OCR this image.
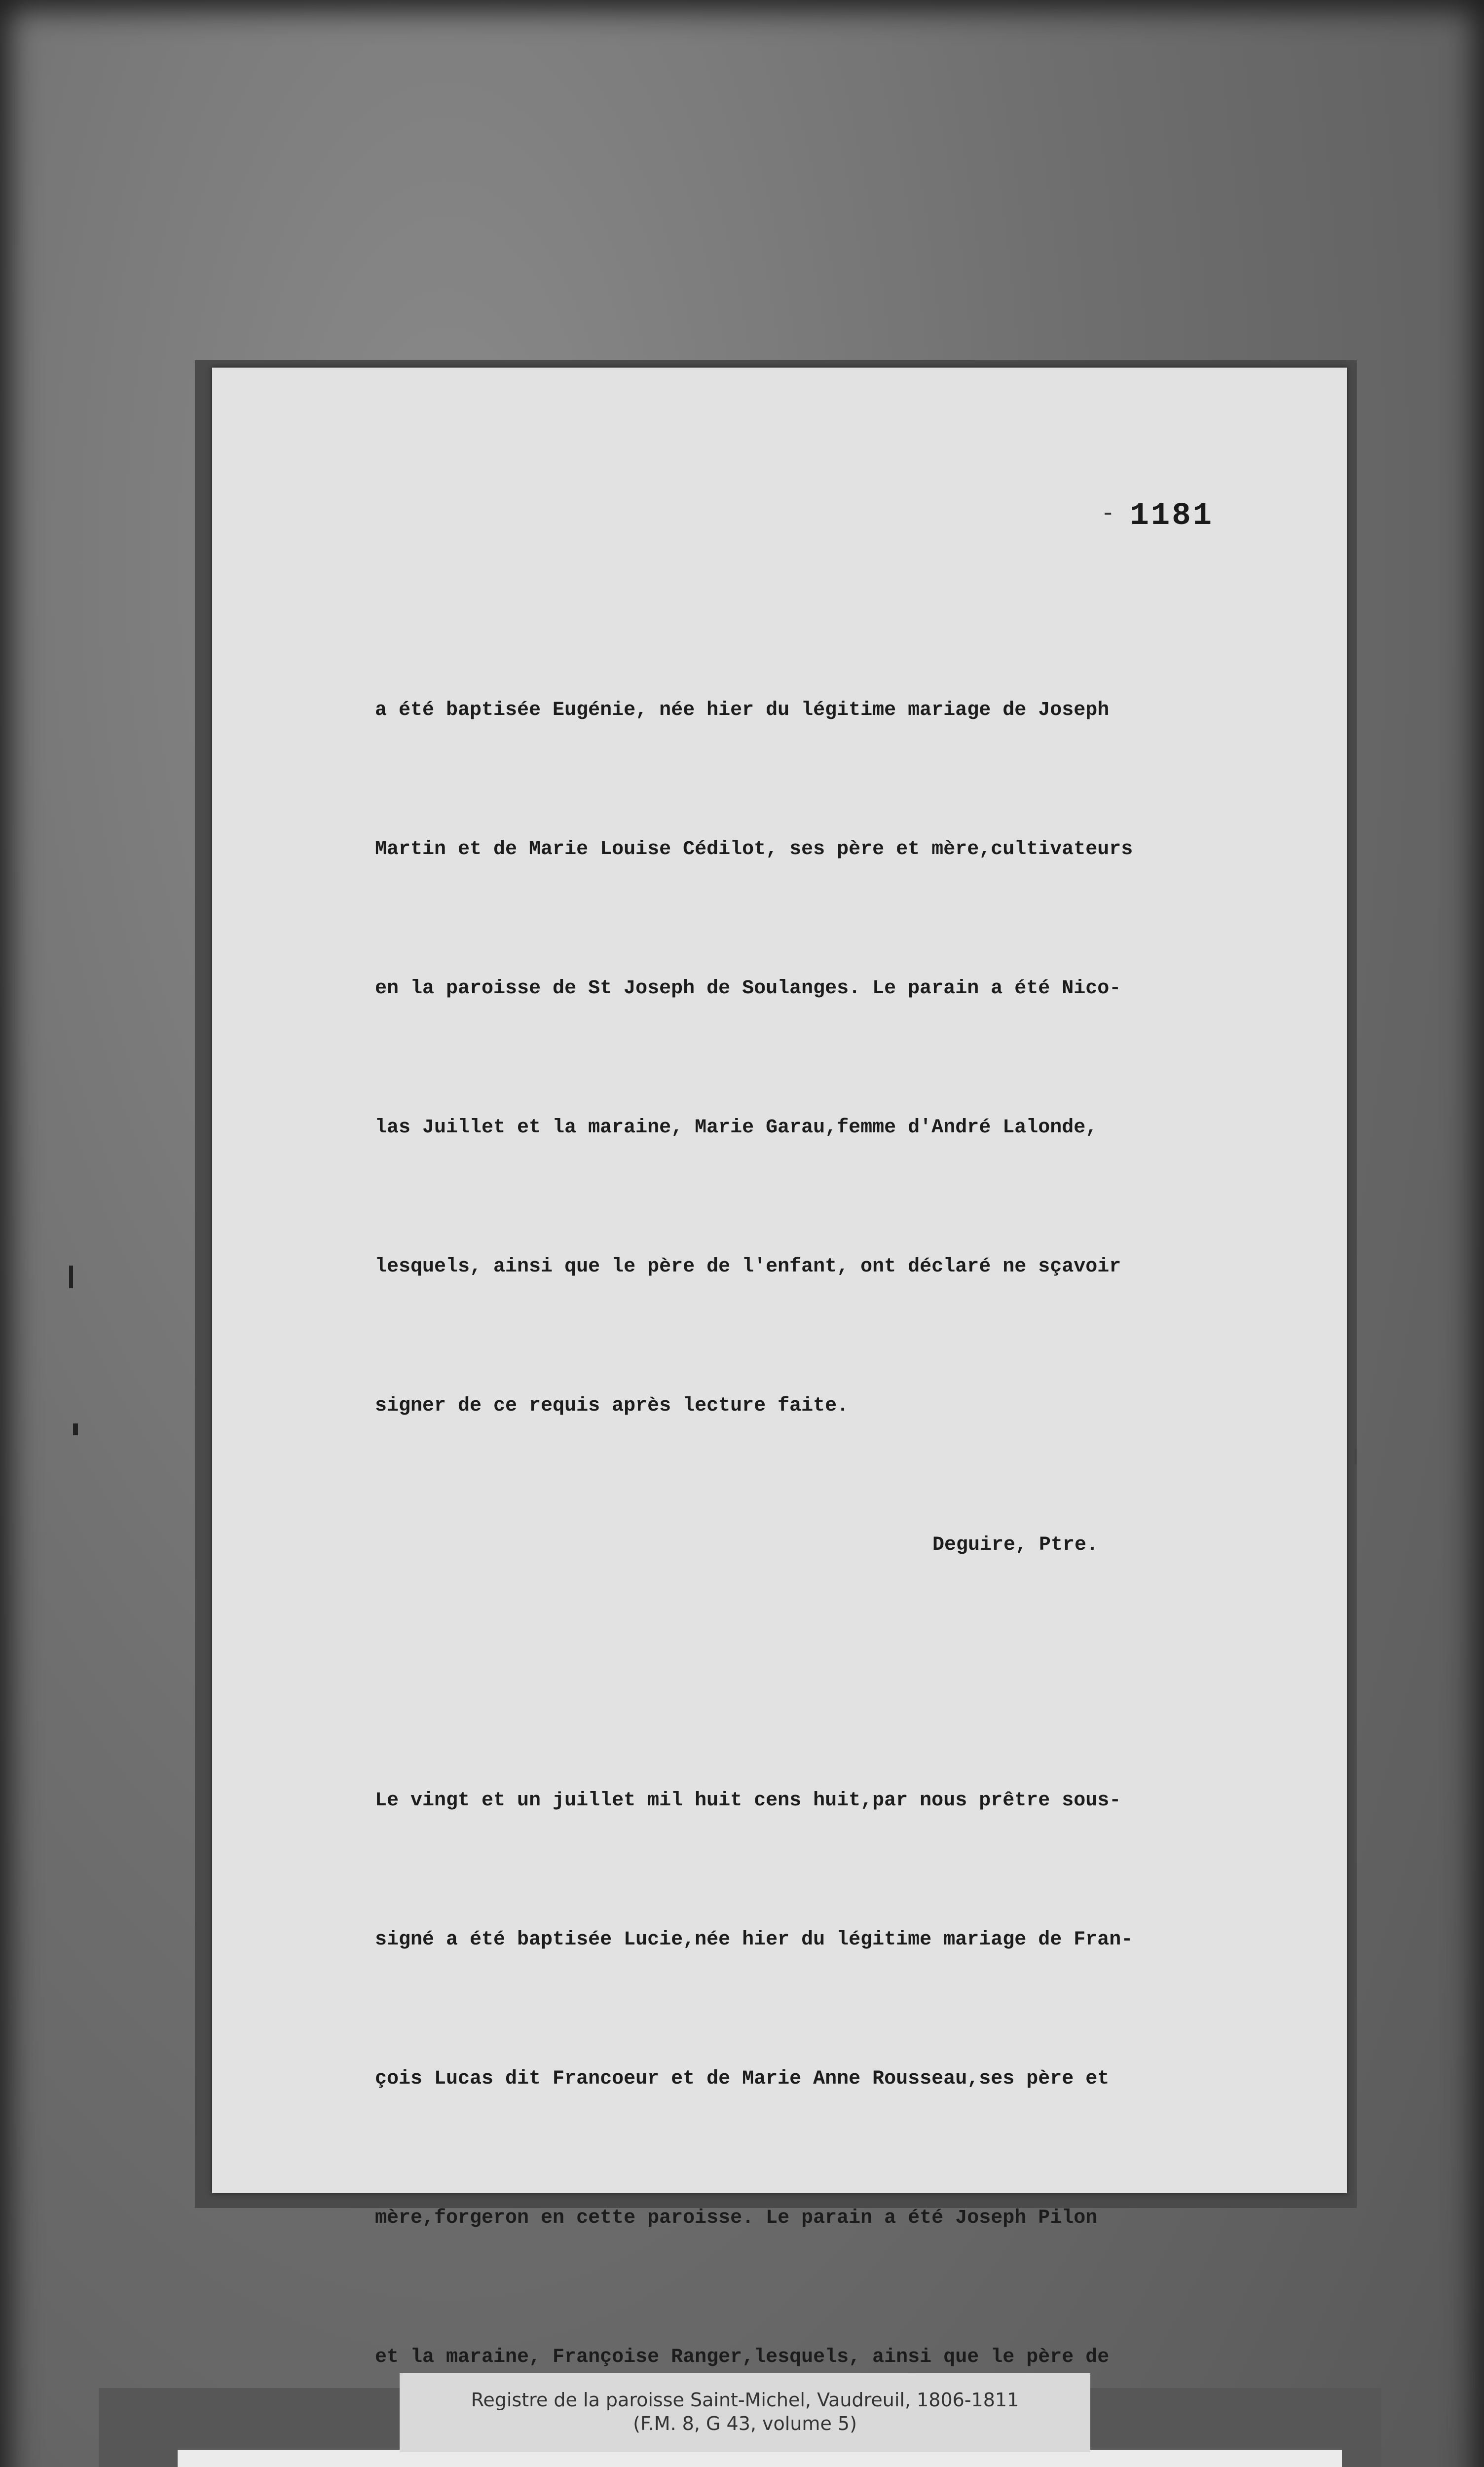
- 1181

a été baptisée Eugénie, née hier du légitime mariage de Joseph

Martin et de Marie Louise Cédilot, ses père et mère,cultivateurs

en la paroisse de St Joseph de Soulanges. Le parain a été Nico-

las Juillet et la maraine, Marie Garau,femme d'André Lalonde,

lesquels, ainsi que le père de l'enfant, ont déclaré ne sçavoir

signer de ce requis après lecture faite.

Deguire, Ptre.

Le vingt et un juillet mil huit cens huit,par nous prêtre sous-

signé a été baptisée Lucie,née hier du légitime mariage de Fran-

çois Lucas dit Francoeur et de Marie Anne Rousseau,ses père et

mère,forgeron en cette paroisse. Le parain a été Joseph Pilon

et la maraine, Françoise Ranger,lesquels, ainsi que le père de

Registre de la paroisse Saint-Michel, Vaudreuil, 1806-1811
(F.M. 8, G 43, volume 5)
